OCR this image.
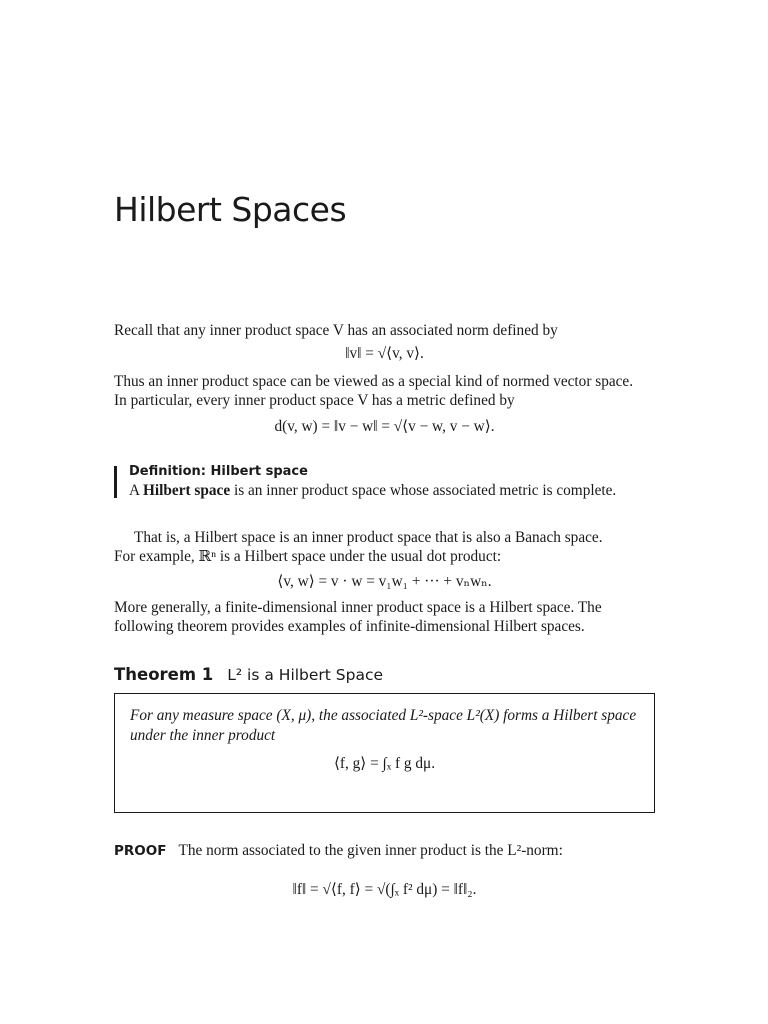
Hilbert Spaces

Recall that any inner product space V has an associated norm defined by

‖v‖ = √⟨v, v⟩.

Thus an inner product space can be viewed as a special kind of normed vector space.

In particular, every inner product space V has a metric defined by

d(v, w) = ‖v − w‖ = √⟨v − w, v − w⟩.
Definition: Hilbert space
A Hilbert space is an inner product space whose associated metric is complete.

That is, a Hilbert space is an inner product space that is also a Banach space.

For example, ℝⁿ is a Hilbert space under the usual dot product:

⟨v, w⟩ = v · w = v₁w₁ + ··· + vₙwₙ.

More generally, a finite-dimensional inner product space is a Hilbert space. The

following theorem provides examples of infinite-dimensional Hilbert spaces.

Theorem 1 L² is a Hilbert Space
For any measure space (X, μ), the associated L²-space L²(X) forms a Hilbert space under the inner product
⟨f, g⟩ = ∫ₓ f g dμ.
PROOF The norm associated to the given inner product is the L²-norm:
‖f‖ = √⟨f, f⟩ = √(∫ₓ f² dμ) = ‖f‖₂.
